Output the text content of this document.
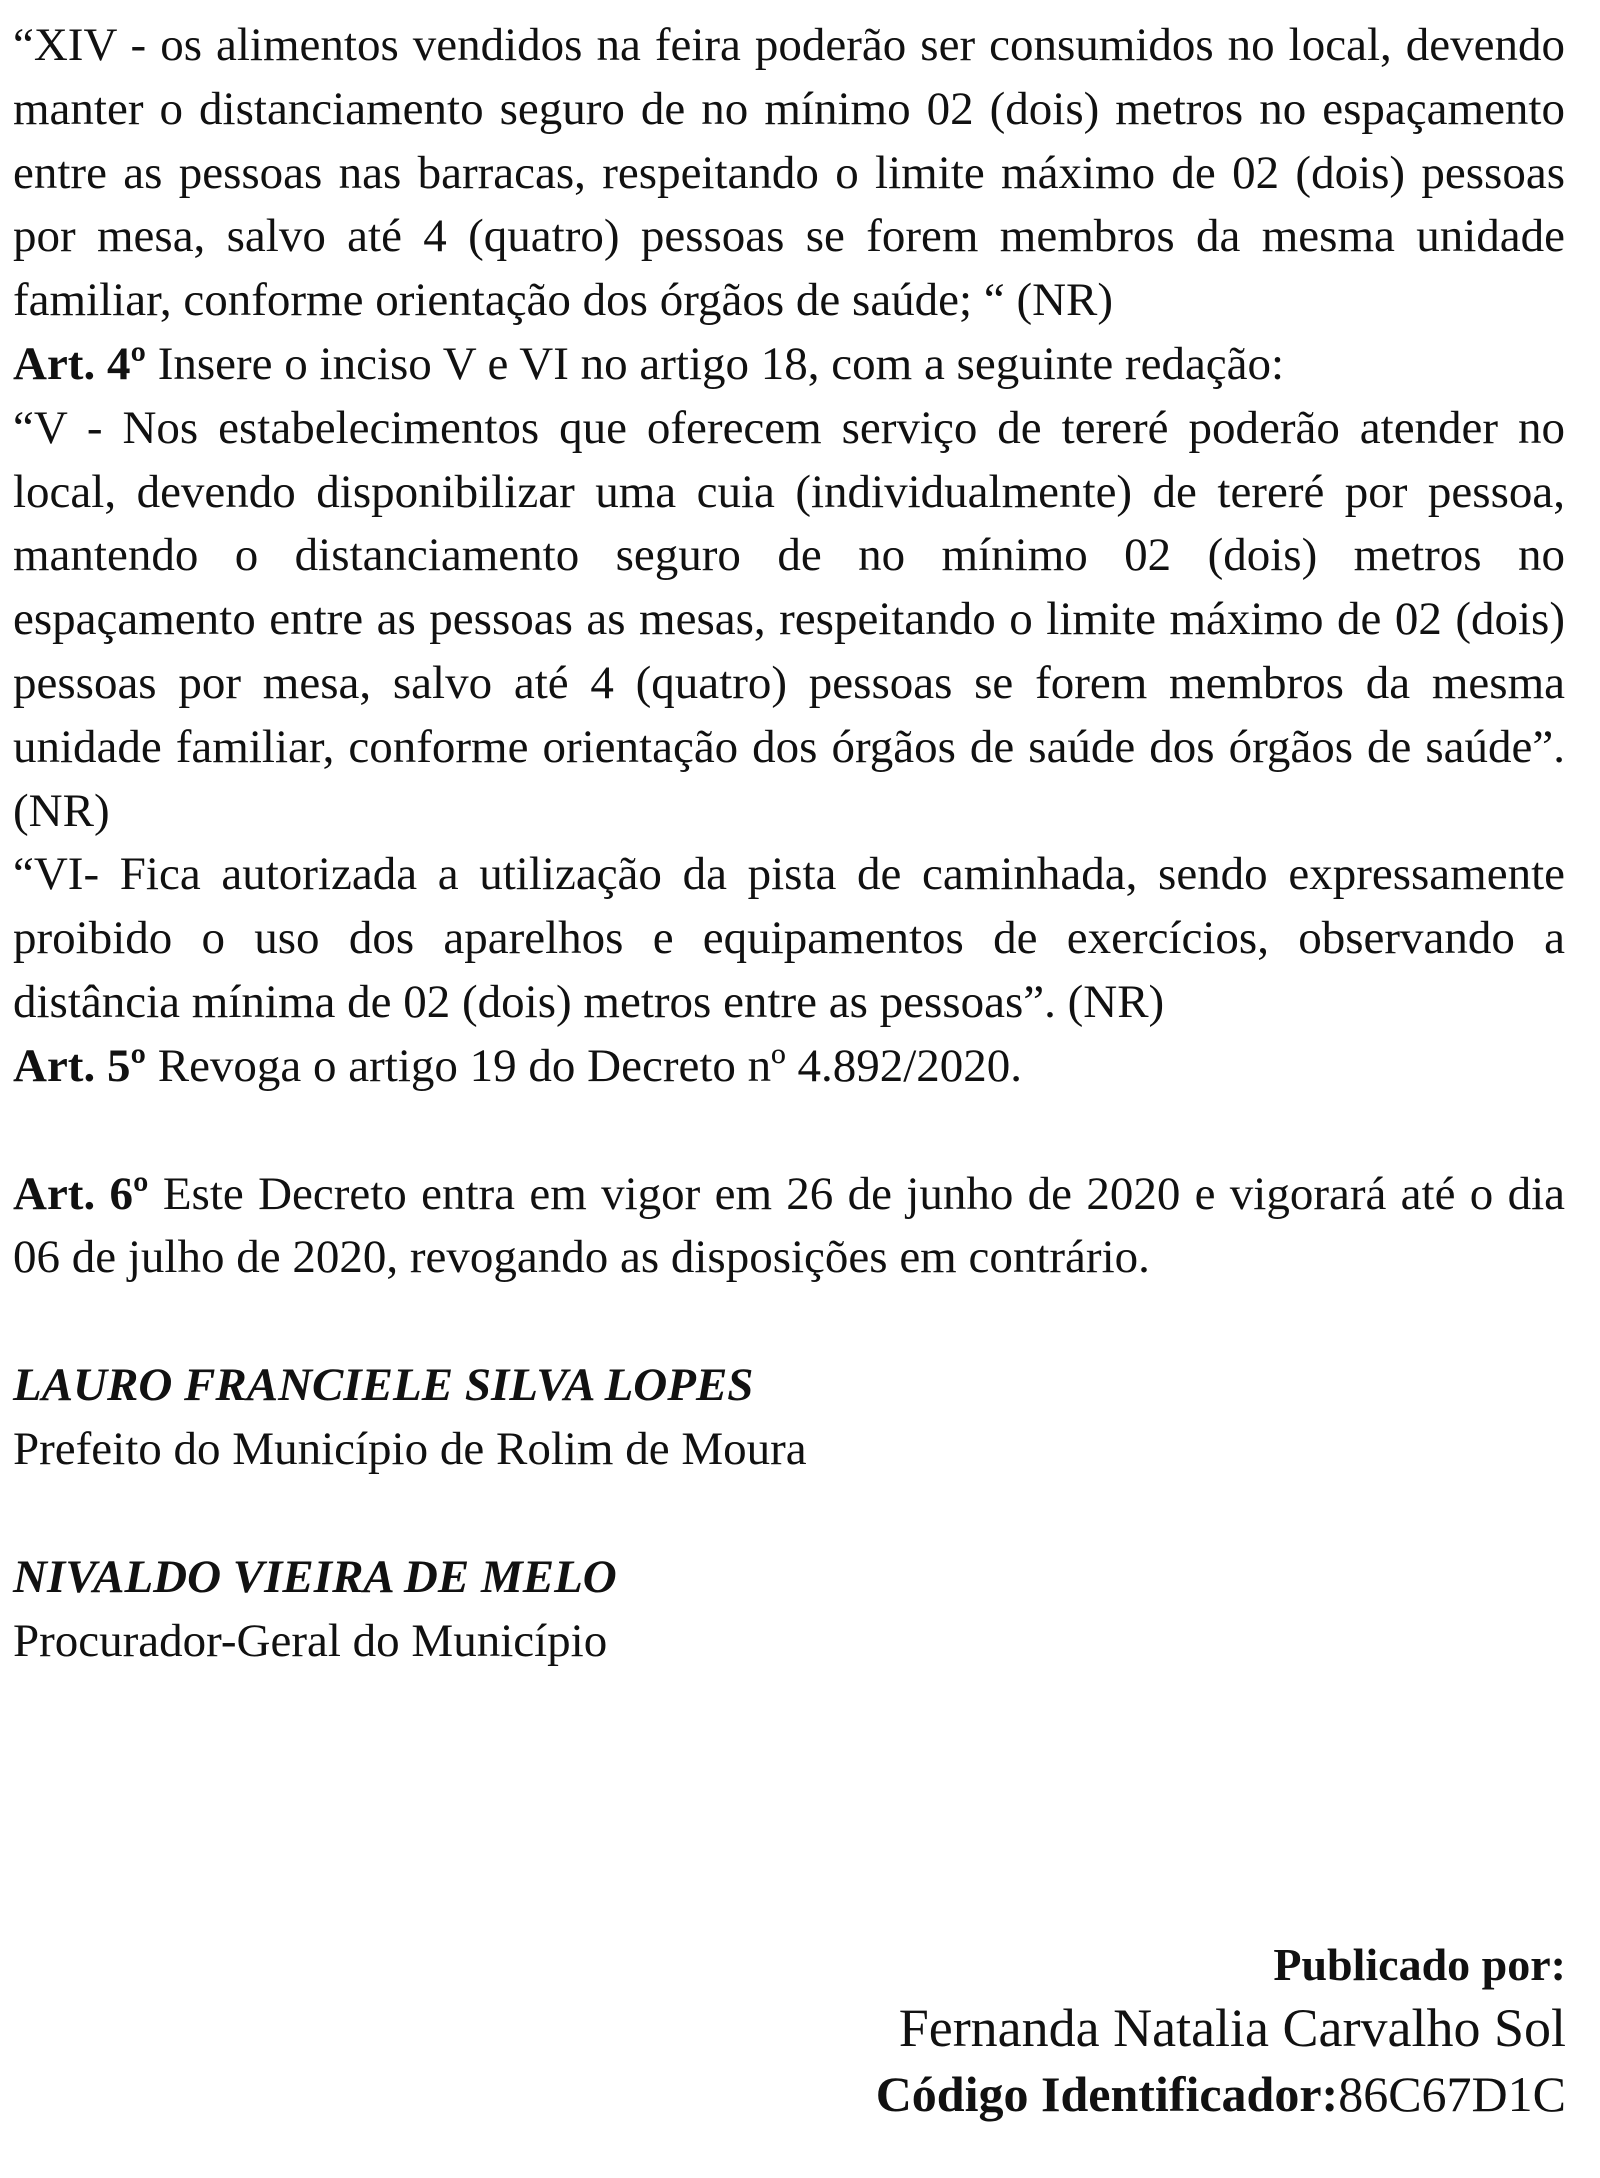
“XIV - os alimentos vendidos na feira poderão ser consumidos no local, devendo manter o distanciamento seguro de no mínimo 02 (dois) metros no espaçamento entre as pessoas nas barracas, respeitando o limite máximo de 02 (dois) pessoas por mesa, salvo até 4 (quatro) pessoas se forem membros da mesma unidade familiar, conforme orientação dos órgãos de saúde; “ (NR)

Art. 4º Insere o inciso V e VI no artigo 18, com a seguinte redação:

“V - Nos estabelecimentos que oferecem serviço de tereré poderão atender no local, devendo disponibilizar uma cuia (individualmente) de tereré por pessoa, mantendo o distanciamento seguro de no mínimo 02 (dois) metros no espaçamento entre as pessoas as mesas, respeitando o limite máximo de 02 (dois) pessoas por mesa, salvo até 4 (quatro) pessoas se forem membros da mesma unidade familiar, conforme orientação dos órgãos de saúde dos órgãos de saúde”. (NR)

“VI- Fica autorizada a utilização da pista de caminhada, sendo expressamente proibido o uso dos aparelhos e equipamentos de exercícios, observando a distância mínima de 02 (dois) metros entre as pessoas”. (NR)

Art. 5º Revoga o artigo 19 do Decreto nº 4.892/2020.

Art. 6º Este Decreto entra em vigor em 26 de junho de 2020 e vigorará até o dia 06 de julho de 2020, revogando as disposições em contrário.

LAURO FRANCIELE SILVA LOPES

Prefeito do Município de Rolim de Moura

NIVALDO VIEIRA DE MELO

Procurador-Geral do Município

Publicado por:
Fernanda Natalia Carvalho Sol
Código Identificador:86C67D1C
